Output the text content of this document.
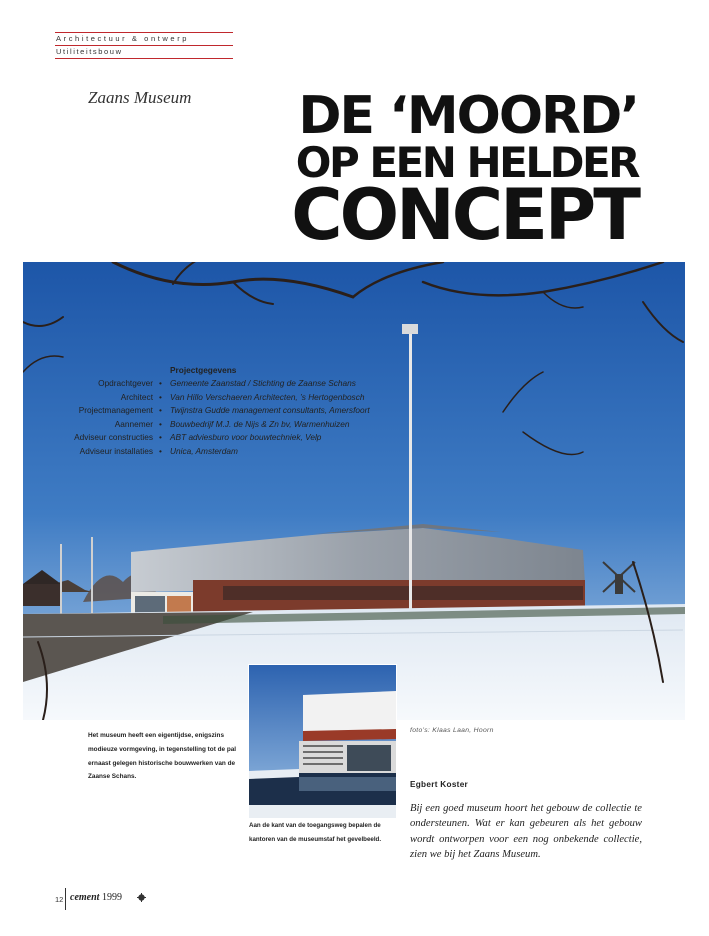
Architectuur & ontwerp
Utiliteitsbouw
Zaans Museum DE ‘MOORD’
OP EEN HELDER
CONCEPT
Projectgegevens
Opdrachtgever • Gemeente Zaanstad / Stichting de Zaanse Schans
Architect • Van Hillo Verschaeren Architecten, ’s Hertogenbosch
Projectmanagement • Twijnstra Gudde management consultants, Amersfoort
Aannemer • Bouwbedrijf M.J. de Nijs & Zn bv, Warmenhuizen
Adviseur constructies • ABT adviesburo voor bouwtechniek, Velp
Adviseur installaties • Unica, Amsterdam
Het museum heeft een eigentijdse, enigszins modieuze vormgeving, in tegenstelling tot de pal ernaast gelegen historische bouwwerken van de Zaanse Schans.
Aan de kant van de toegangsweg bepalen de kantoren van de museumstaf het gevelbeeld.
foto’s: Klaas Laan, Hoorn
Egbert Koster
Bij een goed museum hoort het gebouw de collectie te ondersteunen. Wat er kan gebeuren als het gebouw wordt ontworpen voor een nog onbekende collectie, zien we bij het Zaans Museum.
12 cement 1999
